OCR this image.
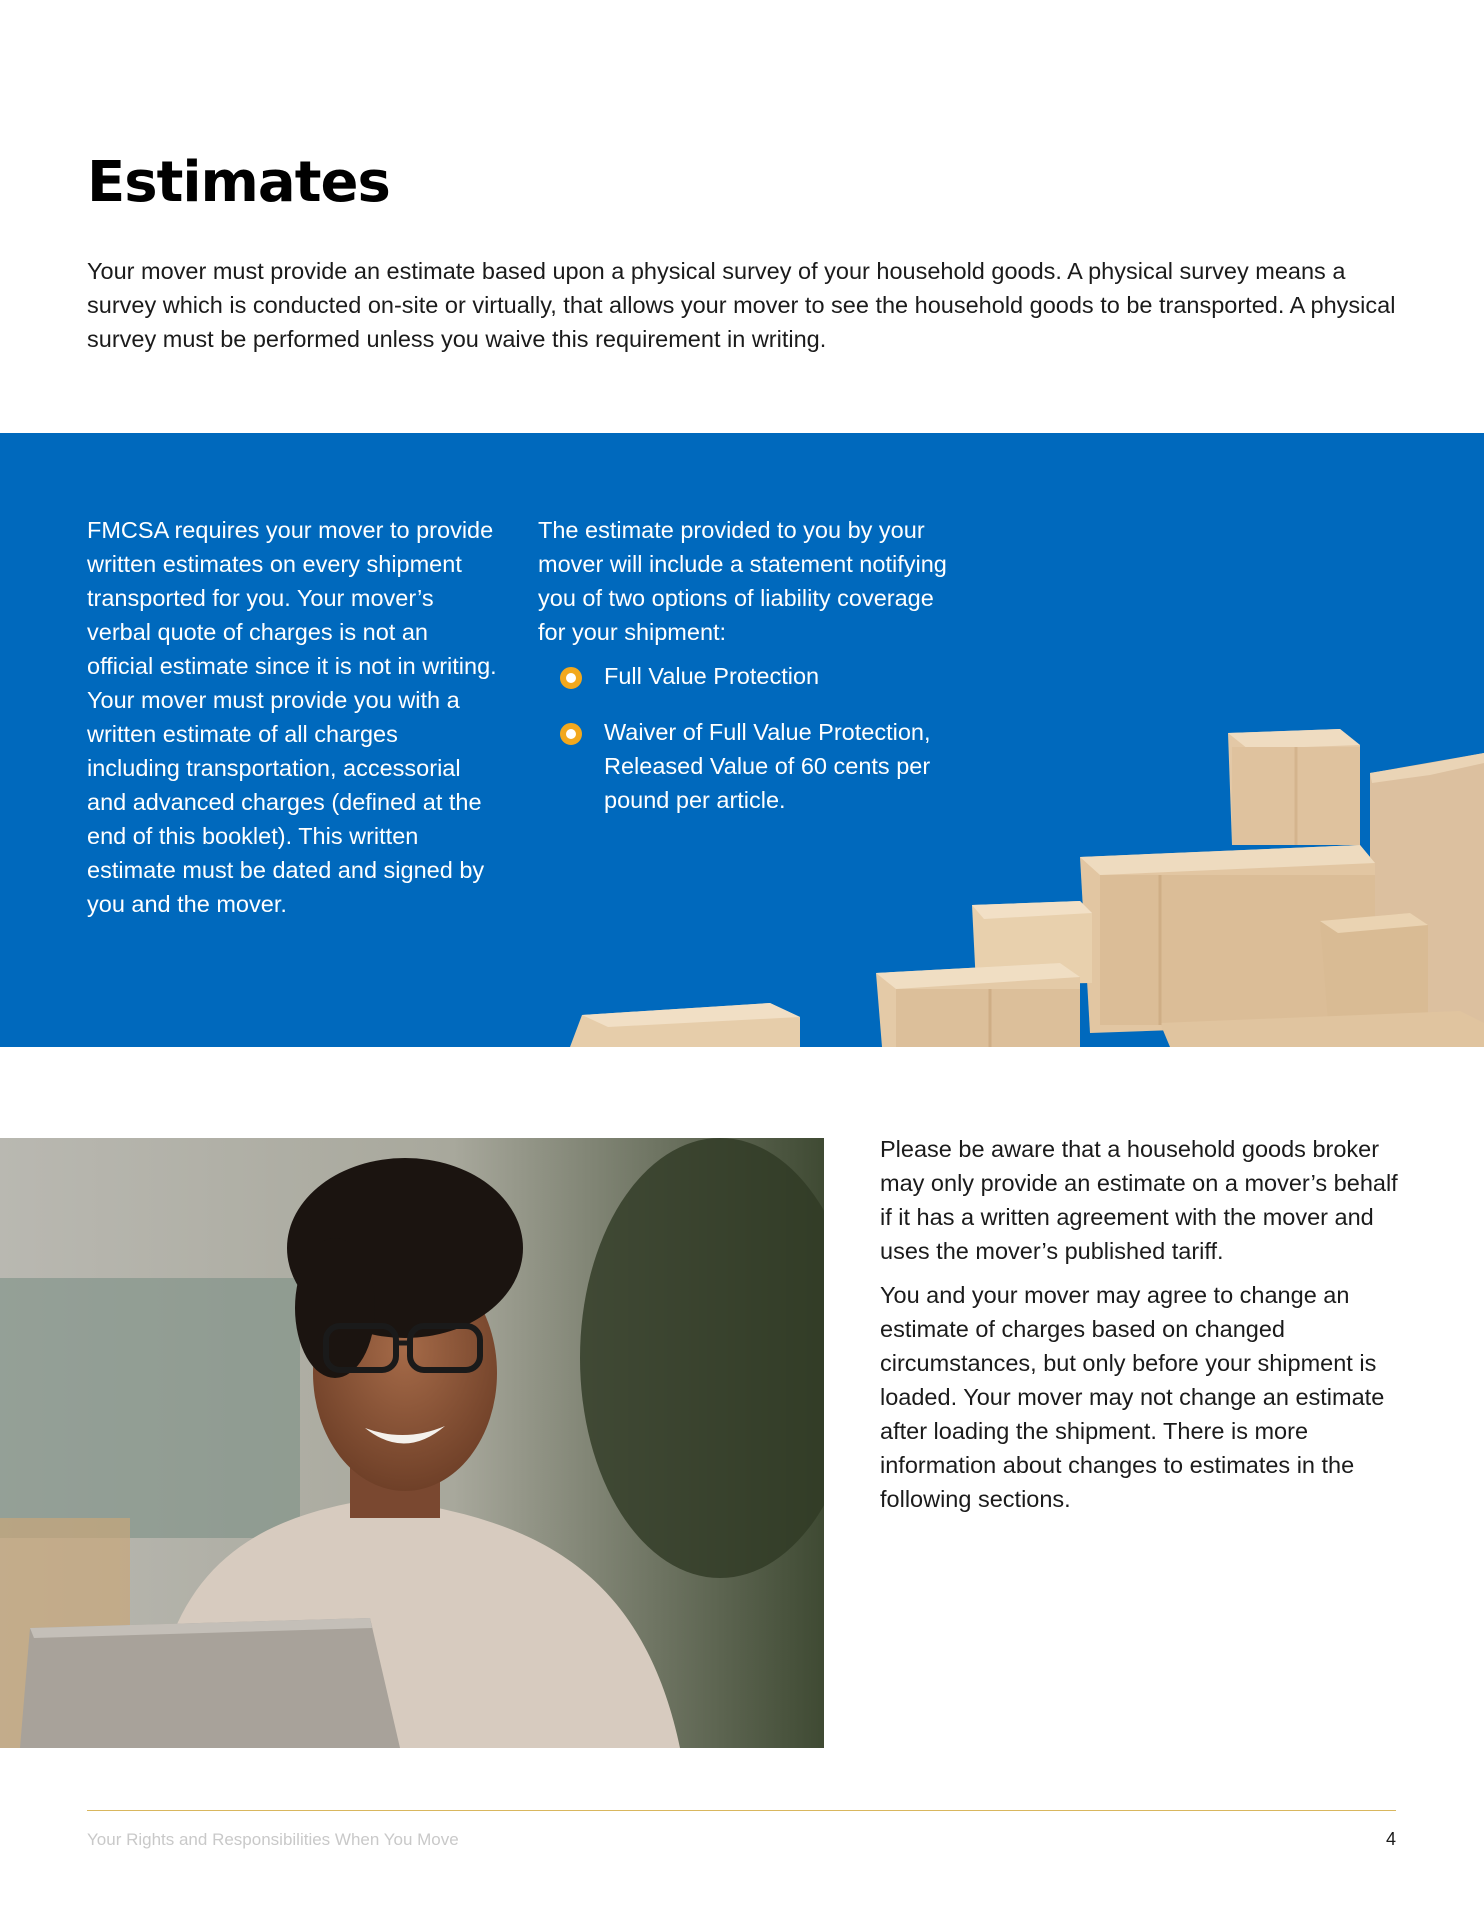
Estimates

Your mover must provide an estimate based upon a physical survey of your household goods. A physical survey means a survey which is conducted on-site or virtually, that allows your mover to see the household goods to be transported. A physical survey must be performed unless you waive this requirement in writing.

FMCSA requires your mover to provide written estimates on every shipment transported for you. Your mover’s verbal quote of charges is not an official estimate since it is not in writing. Your mover must provide you with a written estimate of all charges including transportation, accessorial and advanced charges (defined at the end of this booklet). This written estimate must be dated and signed by you and the mover.

The estimate provided to you by your mover will include a statement notifying you of two options of liability coverage for your shipment:

Full Value Protection
Waiver of Full Value Protection, Released Value of 60 cents per pound per article.

Please be aware that a household goods broker may only provide an estimate on a mover’s behalf if it has a written agreement with the mover and uses the mover’s published tariff.

You and your mover may agree to change an estimate of charges based on changed circumstances, but only before your shipment is loaded. Your mover may not change an estimate after loading the shipment. There is more information about changes to estimates in the following sections.

Your Rights and Responsibilities When You Move	4
